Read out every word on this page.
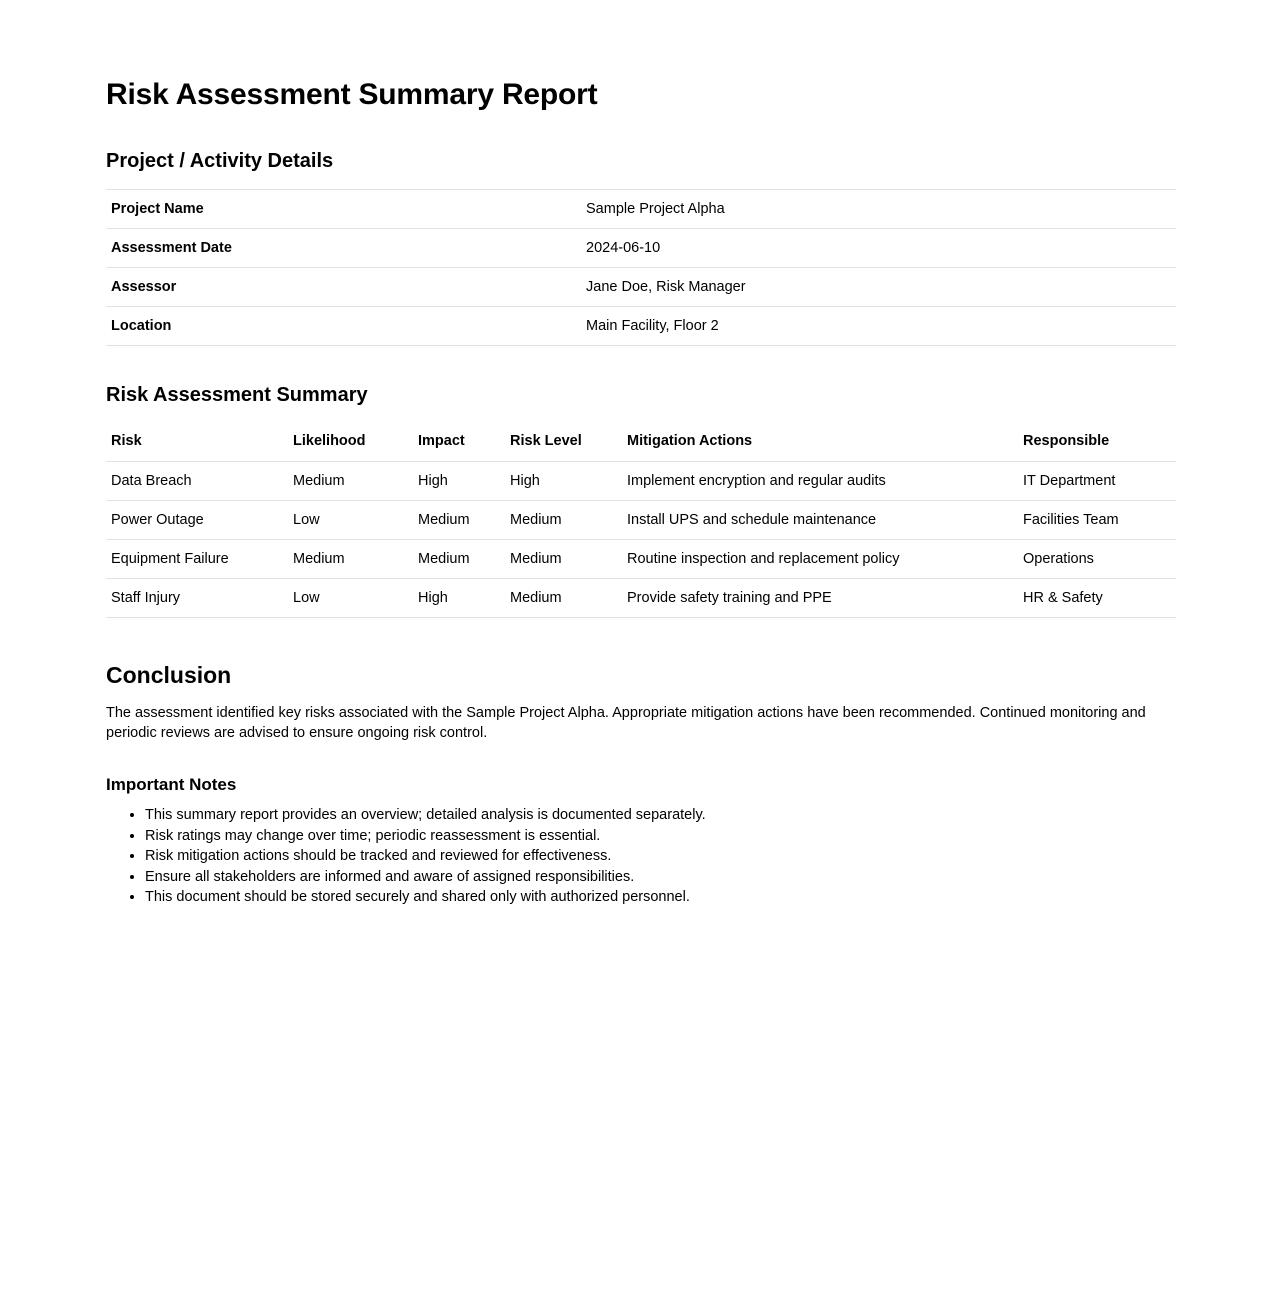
Risk Assessment Summary Report
Project / Activity Details
Project Name	Sample Project Alpha
Assessment Date	2024-06-10
Assessor	Jane Doe, Risk Manager
Location	Main Facility, Floor 2
Risk Assessment Summary
Risk	Likelihood	Impact	Risk Level	Mitigation Actions	Responsible
Data Breach	Medium	High	High	Implement encryption and regular audits	IT Department
Power Outage	Low	Medium	Medium	Install UPS and schedule maintenance	Facilities Team
Equipment Failure	Medium	Medium	Medium	Routine inspection and replacement policy	Operations
Staff Injury	Low	High	Medium	Provide safety training and PPE	HR & Safety
Conclusion

The assessment identified key risks associated with the Sample Project Alpha. Appropriate mitigation actions have been recommended. Continued monitoring and periodic reviews are advised to ensure ongoing risk control.

Important Notes
• This summary report provides an overview; detailed analysis is documented separately.
• Risk ratings may change over time; periodic reassessment is essential.
• Risk mitigation actions should be tracked and reviewed for effectiveness.
• Ensure all stakeholders are informed and aware of assigned responsibilities.
• This document should be stored securely and shared only with authorized personnel.
